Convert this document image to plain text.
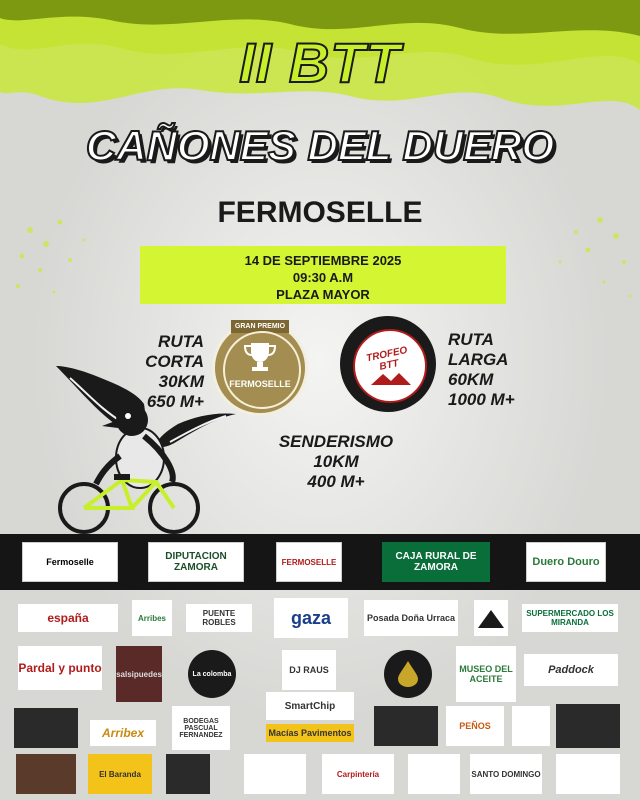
II BTT
CAÑONES DEL DUERO
FERMOSELLE
14 DE SEPTIEMBRE 2025
09:30 A.M
PLAZA MAYOR
RUTA CORTA
30KM
650 M+
RUTA LARGA
60KM
1000 M+
SENDERISMO
10KM
400 M+
GRAN PREMIO
FERMOSELLE
TROFEO BTT
Fermoselle	DIPUTACION ZAMORA	FERMOSELLE	CAJA RURAL DE ZAMORA	Duero Douro
españa	Arribes	PUENTE ROBLES	gaza	Posada Doña Urraca	SUPERMERCADO LOS MIRANDA
Pardal y punto salsipuedes	La colomba	DJ RAUS	MUSEO DEL ACEITE
Paddock
Arribex
BODEGAS PASCUAL FERNANDEZ
SmartChip
Macías Pavimentos
PEÑOS
El Baranda	Carpintería	SANTO DOMINGO
